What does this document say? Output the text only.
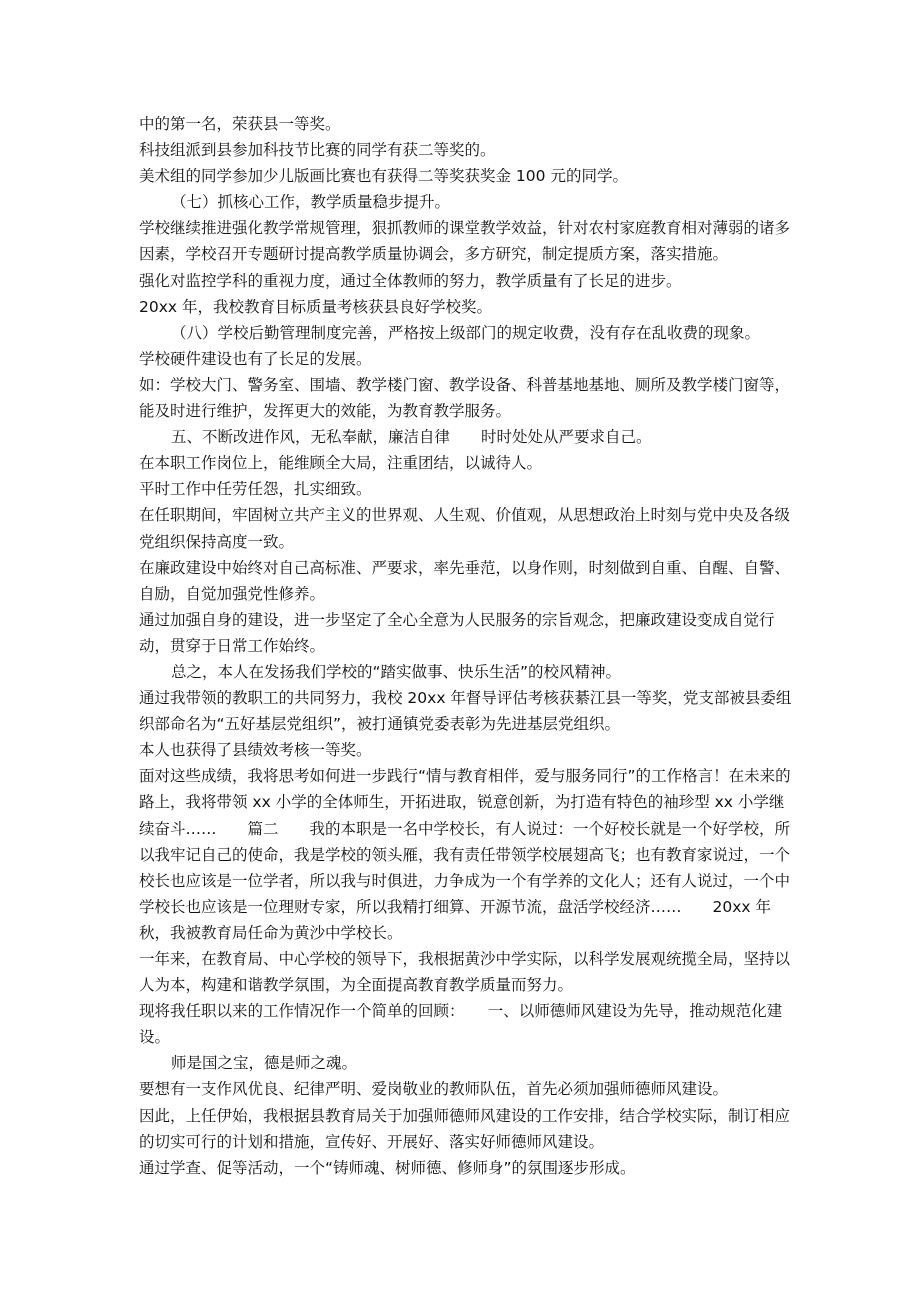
中的第一名，荣获县一等奖。

科技组派到县参加科技节比赛的同学有获二等奖的。

美术组的同学参加少儿版画比赛也有获得二等奖获奖金 100 元的同学。

（七）抓核心工作，教学质量稳步提升。

学校继续推进强化教学常规管理，狠抓教师的课堂教学效益，针对农村家庭教育相对薄弱的诸多因素，学校召开专题研讨提高教学质量协调会，多方研究，制定提质方案，落实措施。

强化对监控学科的重视力度，通过全体教师的努力，教学质量有了长足的进步。

20xx 年，我校教育目标质量考核获县良好学校奖。

（八）学校后勤管理制度完善，严格按上级部门的规定收费，没有存在乱收费的现象。

学校硬件建设也有了长足的发展。

如：学校大门、警务室、围墙、教学楼门窗、教学设备、科普基地基地、厕所及教学楼门窗等，能及时进行维护，发挥更大的效能，为教育教学服务。

五、不断改进作风，无私奉献，廉洁自律　　时时处处从严要求自己。

在本职工作岗位上，能维顾全大局，注重团结，以诚待人。

平时工作中任劳任怨，扎实细致。

在任职期间，牢固树立共产主义的世界观、人生观、价值观，从思想政治上时刻与党中央及各级党组织保持高度一致。

在廉政建设中始终对自己高标准、严要求，率先垂范，以身作则，时刻做到自重、自醒、自警、自励，自觉加强党性修养。

通过加强自身的建设，进一步坚定了全心全意为人民服务的宗旨观念，把廉政建设变成自觉行动，贯穿于日常工作始终。

总之，本人在发扬我们学校的“踏实做事、快乐生活”的校风精神。

通过我带领的教职工的共同努力，我校 20xx 年督导评估考核获綦江县一等奖，党支部被县委组织部命名为“五好基层党组织”，被打通镇党委表彰为先进基层党组织。

本人也获得了县绩效考核一等奖。

面对这些成绩，我将思考如何进一步践行“情与教育相伴，爱与服务同行”的工作格言！在未来的路上，我将带领 xx 小学的全体师生，开拓进取，锐意创新，为打造有特色的袖珍型 xx 小学继续奋斗……　　篇二　　我的本职是一名中学校长，有人说过：一个好校长就是一个好学校，所以我牢记自己的使命，我是学校的领头雁，我有责任带领学校展翅高飞；也有教育家说过，一个校长也应该是一位学者，所以我与时俱进，力争成为一个有学养的文化人；还有人说过，一个中学校长也应该是一位理财专家，所以我精打细算、开源节流，盘活学校经济……　　20xx 年秋，我被教育局任命为黄沙中学校长。

一年来，在教育局、中心学校的领导下，我根据黄沙中学实际，以科学发展观统揽全局，坚持以人为本，构建和谐教学氛围，为全面提高教育教学质量而努力。

现将我任职以来的工作情况作一个简单的回顾：　　一、以师德师风建设为先导，推动规范化建设。

师是国之宝，德是师之魂。

要想有一支作风优良、纪律严明、爱岗敬业的教师队伍，首先必须加强师德师风建设。

因此，上任伊始，我根据县教育局关于加强师德师风建设的工作安排，结合学校实际，制订相应的切实可行的计划和措施，宣传好、开展好、落实好师德师风建设。

通过学查、促等活动，一个“铸师魂、树师德、修师身”的氛围逐步形成。
